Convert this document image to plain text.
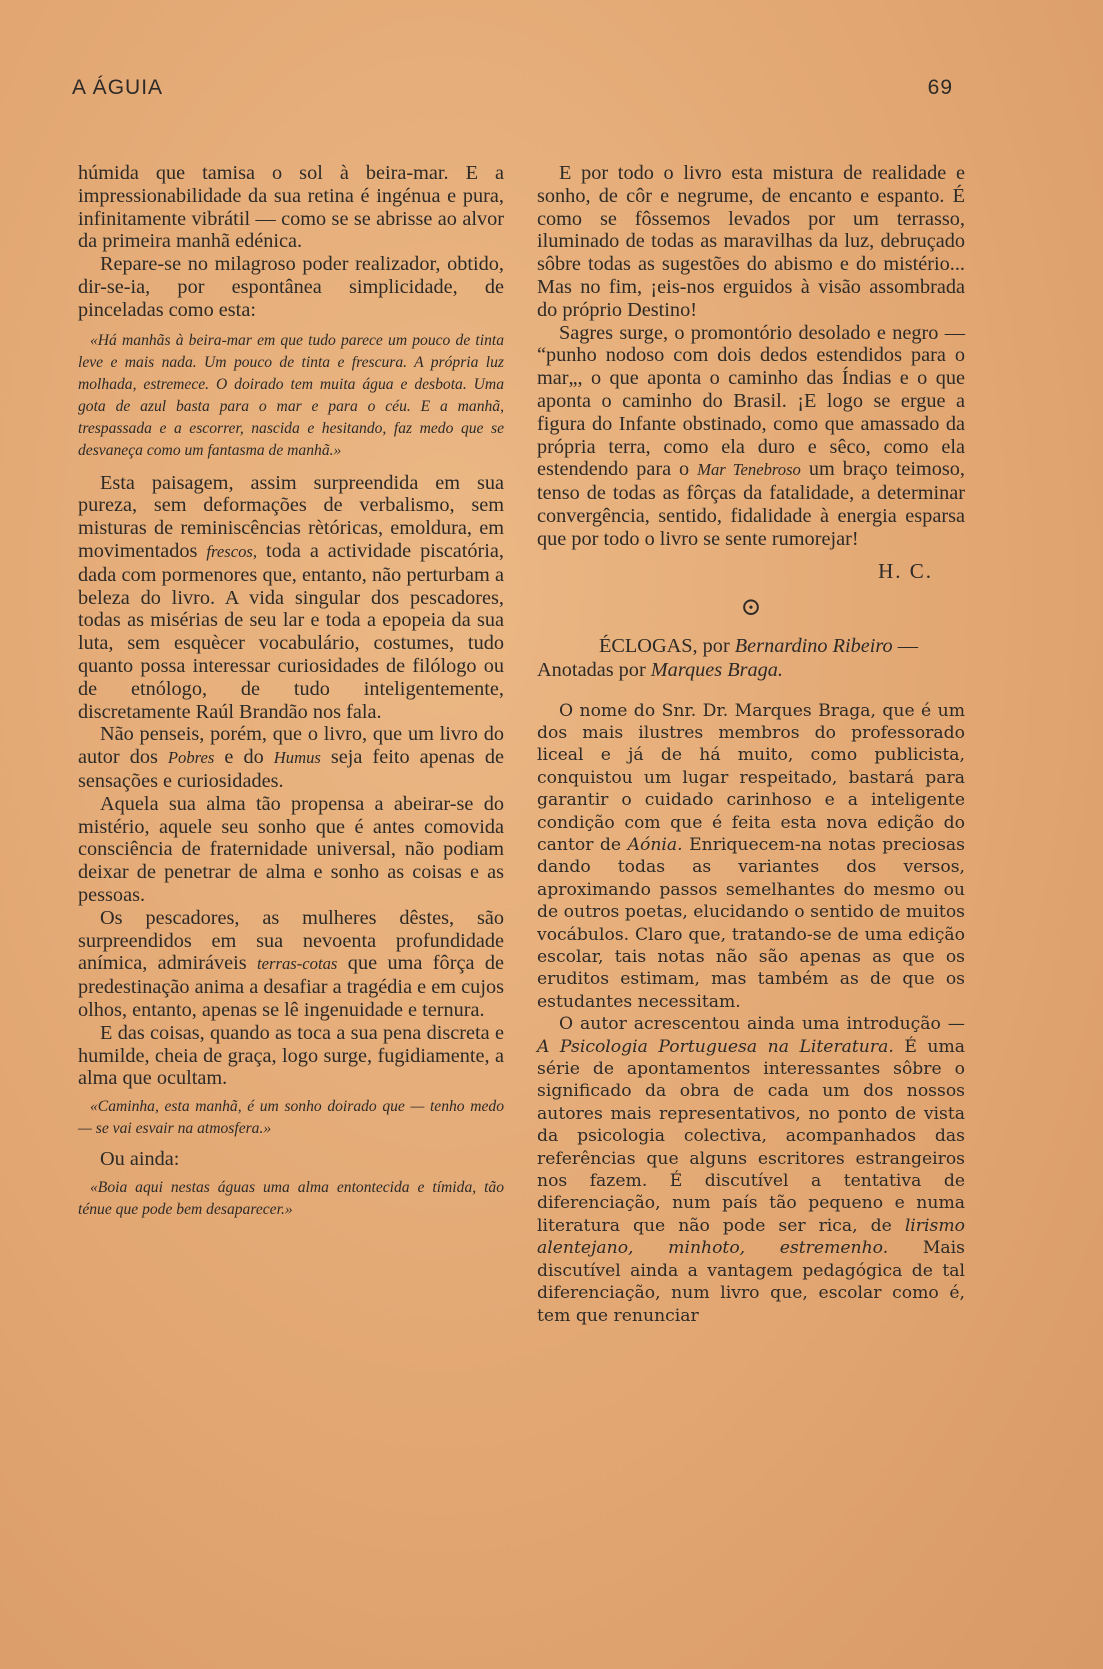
A ÁGUIA	69

húmida que tamisa o sol à beira-mar. E a impressionabilidade da sua retina é ingénua e pura, infinitamente vibrátil — como se se abrisse ao alvor da primeira manhã edénica.

Repare-se no milagroso poder realizador, obtido, dir-se-ia, por espontânea simplicidade, de pinceladas como esta:

«Há manhãs à beira-mar em que tudo parece um pouco de tinta leve e mais nada. Um pouco de tinta e frescura. A própria luz molhada, estremece. O doirado tem muita água e desbota. Uma gota de azul basta para o mar e para o céu. E a manhã, trespassada e a escorrer, nascida e hesitando, faz medo que se desvaneça como um fantasma de manhã.»

Esta paisagem, assim surpreendida em sua pureza, sem deformações de verbalismo, sem misturas de reminiscências rètóricas, emoldura, em movimentados frescos, toda a actividade piscatória, dada com pormenores que, entanto, não perturbam a beleza do livro. A vida singular dos pescadores, todas as misérias de seu lar e toda a epopeia da sua luta, sem esquècer vocabulário, costumes, tudo quanto possa interessar curiosidades de filólogo ou de etnólogo, de tudo inteligentemente, discretamente Raúl Brandão nos fala.

Não penseis, porém, que o livro, que um livro do autor dos Pobres e do Humus seja feito apenas de sensações e curiosidades.

Aquela sua alma tão propensa a abeirar-se do mistério, aquele seu sonho que é antes comovida consciência de fraternidade universal, não podiam deixar de penetrar de alma e sonho as coisas e as pessoas.

Os pescadores, as mulheres dêstes, são surpreendidos em sua nevoenta profundidade anímica, admiráveis terras-cotas que uma fôrça de predestinação anima a desafiar a tragédia e em cujos olhos, entanto, apenas se lê ingenuidade e ternura.

E das coisas, quando as toca a sua pena discreta e humilde, cheia de graça, logo surge, fugidiamente, a alma que ocultam.

«Caminha, esta manhã, é um sonho doirado que — tenho medo — se vai esvair na atmosfera.»

Ou ainda:

«Boia aqui nestas águas uma alma entontecida e tímida, tão ténue que pode bem desaparecer.»

E por todo o livro esta mistura de realidade e sonho, de côr e negrume, de encanto e espanto. É como se fôssemos levados por um terrasso, iluminado de todas as maravilhas da luz, debruçado sôbre todas as sugestões do abismo e do mistério... Mas no fim, ¡eis-nos erguidos à visão assombrada do próprio Destino!

Sagres surge, o promontório desolado e negro — “punho nodoso com dois dedos estendidos para o mar„, o que aponta o caminho das Índias e o que aponta o caminho do Brasil. ¡E logo se ergue a figura do Infante obstinado, como que amassado da própria terra, como ela duro e sêco, como ela estendendo para o Mar Tenebroso um braço teimoso, tenso de todas as fôrças da fatalidade, a determinar convergência, sentido, fidalidade à energia esparsa que por todo o livro se sente rumorejar!

H. C.

⊙

ÉCLOGAS, por Bernardino Ribeiro — Anotadas por Marques Braga.

O nome do Snr. Dr. Marques Braga, que é um dos mais ilustres membros do professorado liceal e já de há muito, como publicista, conquistou um lugar respeitado, bastará para garantir o cuidado carinhoso e a inteligente condição com que é feita esta nova edição do cantor de Aónia. Enriquecem-na notas preciosas dando todas as variantes dos versos, aproximando passos semelhantes do mesmo ou de outros poetas, elucidando o sentido de muitos vocábulos. Claro que, tratando-se de uma edição escolar, tais notas não são apenas as que os eruditos estimam, mas também as de que os estudantes necessitam.

O autor acrescentou ainda uma introdução — A Psicologia Portuguesa na Literatura. É uma série de apontamentos interessantes sôbre o significado da obra de cada um dos nossos autores mais representativos, no ponto de vista da psicologia colectiva, acompanhados das referências que alguns escritores estrangeiros nos fazem. É discutível a tentativa de diferenciação, num país tão pequeno e numa literatura que não pode ser rica, de lirismo alentejano, minhoto, estremenho. Mais discutível ainda a vantagem pedagógica de tal diferenciação, num livro que, escolar como é, tem que renunciar
